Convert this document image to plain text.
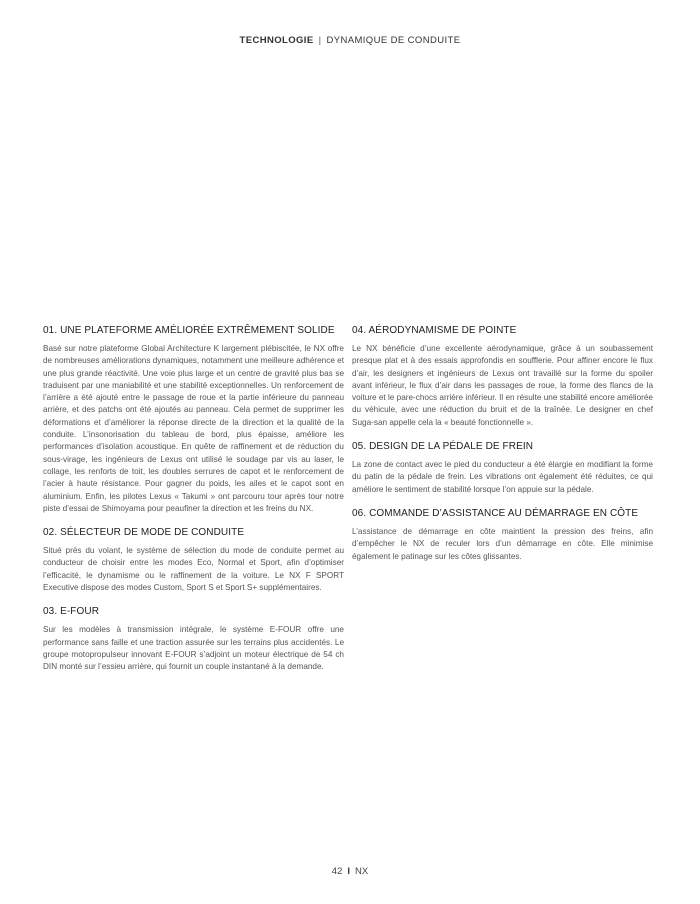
TECHNOLOGIE | DYNAMIQUE DE CONDUITE
01. UNE PLATEFORME AMÉLIORÉE EXTRÊMEMENT SOLIDE

Basé sur notre plateforme Global Architecture K largement plébiscitée, le NX offre de nombreuses améliorations dynamiques, notamment une meilleure adhérence et une plus grande réactivité. Une voie plus large et un centre de gravité plus bas se traduisent par une maniabilité et une stabilité exceptionnelles. Un renforcement de l’arrière a été ajouté entre le passage de roue et la partie inférieure du panneau arrière, et des patchs ont été ajoutés au panneau. Cela permet de supprimer les déformations et d’améliorer la réponse directe de la direction et la qualité de la conduite. L’insonorisation du tableau de bord, plus épaisse, améliore les performances d’isolation acoustique. En quête de raffinement et de réduction du sous-virage, les ingénieurs de Lexus ont utilisé le soudage par vis au laser, le collage, les renforts de toit, les doubles serrures de capot et le renforcement de l’acier à haute résistance. Pour gagner du poids, les ailes et le capot sont en aluminium. Enfin, les pilotes Lexus « Takumi » ont parcouru tour après tour notre piste d’essai de Shimoyama pour peaufiner la direction et les freins du NX.

02. SÉLECTEUR DE MODE DE CONDUITE

Situé près du volant, le système de sélection du mode de conduite permet au conducteur de choisir entre les modes Eco, Normal et Sport, afin d’optimiser l’efficacité, le dynamisme ou le raffinement de la voiture. Le NX F SPORT Executive dispose des modes Custom, Sport S et Sport S+ supplémentaires.

03. E-FOUR

Sur les modèles à transmission intégrale, le système E-FOUR offre une performance sans faille et une traction assurée sur les terrains plus accidentés. Le groupe motopropulseur innovant E-FOUR s’adjoint un moteur électrique de 54 ch DIN monté sur l’essieu arrière, qui fournit un couple instantané à la demande.

04. AÉRODYNAMISME DE POINTE

Le NX bénéficie d’une excellente aérodynamique, grâce à un soubassement presque plat et à des essais approfondis en soufflerie. Pour affiner encore le flux d’air, les designers et ingénieurs de Lexus ont travaillé sur la forme du spoiler avant inférieur, le flux d’air dans les passages de roue, la forme des flancs de la voiture et le pare-chocs arrière inférieur. Il en résulte une stabilité encore améliorée du véhicule, avec une réduction du bruit et de la traînée. Le designer en chef Suga-san appelle cela la « beauté fonctionnelle ».

05. DESIGN DE LA PÉDALE DE FREIN

La zone de contact avec le pied du conducteur a été élargie en modifiant la forme du patin de la pédale de frein. Les vibrations ont également été réduites, ce qui améliore le sentiment de stabilité lorsque l’on appuie sur la pédale.

06. COMMANDE D’ASSISTANCE AU DÉMARRAGE EN CÔTE

L’assistance de démarrage en côte maintient la pression des freins, afin d’empêcher le NX de reculer lors d’un démarrage en côte. Elle minimise également le patinage sur les côtes glissantes.

42 I NX
